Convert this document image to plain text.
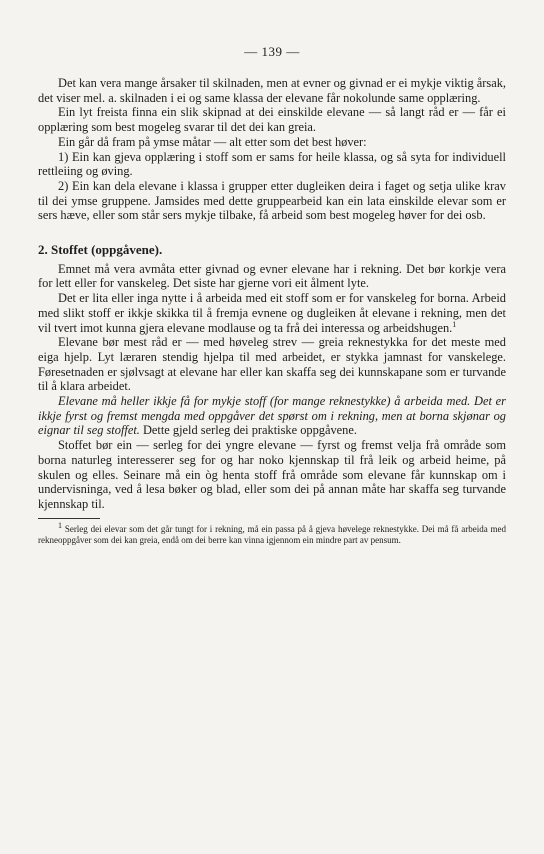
— 139 —

Det kan vera mange årsaker til skilnaden, men at evner og givnad er ei mykje viktig årsak, det viser mel. a. skilnaden i ei og same klassa der elevane får nokolunde same opplæring.

Ein lyt freista finna ein slik skipnad at dei einskilde elevane — så langt råd er — får ei opplæring som best mogeleg svarar til det dei kan greia.

Ein går då fram på ymse måtar — alt etter som det best høver:

1) Ein kan gjeva opplæring i stoff som er sams for heile klassa, og så syta for individuell rettleiing og øving.

2) Ein kan dela elevane i klassa i grupper etter dugleiken deira i faget og setja ulike krav til dei ymse gruppene. Jamsides med dette gruppearbeid kan ein lata einskilde elevar som er sers hæve, eller som står sers mykje tilbake, få arbeid som best mogeleg høver for dei osb.

2. Stoffet (oppgåvene).

Emnet må vera avmåta etter givnad og evner elevane har i rekning. Det bør korkje vera for lett eller for vanskeleg. Det siste har gjerne vori eit ålment lyte.

Det er lita eller inga nytte i å arbeida med eit stoff som er for vanskeleg for borna. Arbeid med slikt stoff er ikkje skikka til å fremja evnene og dugleiken åt elevane i rekning, men det vil tvert imot kunna gjera elevane modlause og ta frå dei interessa og arbeidshugen.$^1$

Elevane bør mest råd er — med høveleg strev — greia reknestykka for det meste med eiga hjelp. Lyt læraren stendig hjelpa til med arbeidet, er stykka jamnast for vanskelege. Føresetnaden er sjølvsagt at elevane har eller kan skaffa seg dei kunnskapane som er turvande til å klara arbeidet.

Elevane må heller ikkje få for mykje stoff (for mange reknestykke) å arbeida med. Det er ikkje fyrst og fremst mengda med oppgåver det spørst om i rekning, men at borna skjønar og eignar til seg stoffet. Dette gjeld serleg dei praktiske oppgåvene.

Stoffet bør ein — serleg for dei yngre elevane — fyrst og fremst velja frå område som borna naturleg interesserer seg for og har noko kjennskap til frå leik og arbeid heime, på skulen og elles. Seinare må ein òg henta stoff frå område som elevane får kunnskap om i undervisninga, ved å lesa bøker og blad, eller som dei på annan måte har skaffa seg turvande kjennskap til.

1 Serleg dei elevar som det går tungt for i rekning, må ein passa på å gjeva høvelege reknestykke. Dei må få arbeida med rekneoppgåver som dei kan greia, endå om dei berre kan vinna igjennom ein mindre part av pensum.
